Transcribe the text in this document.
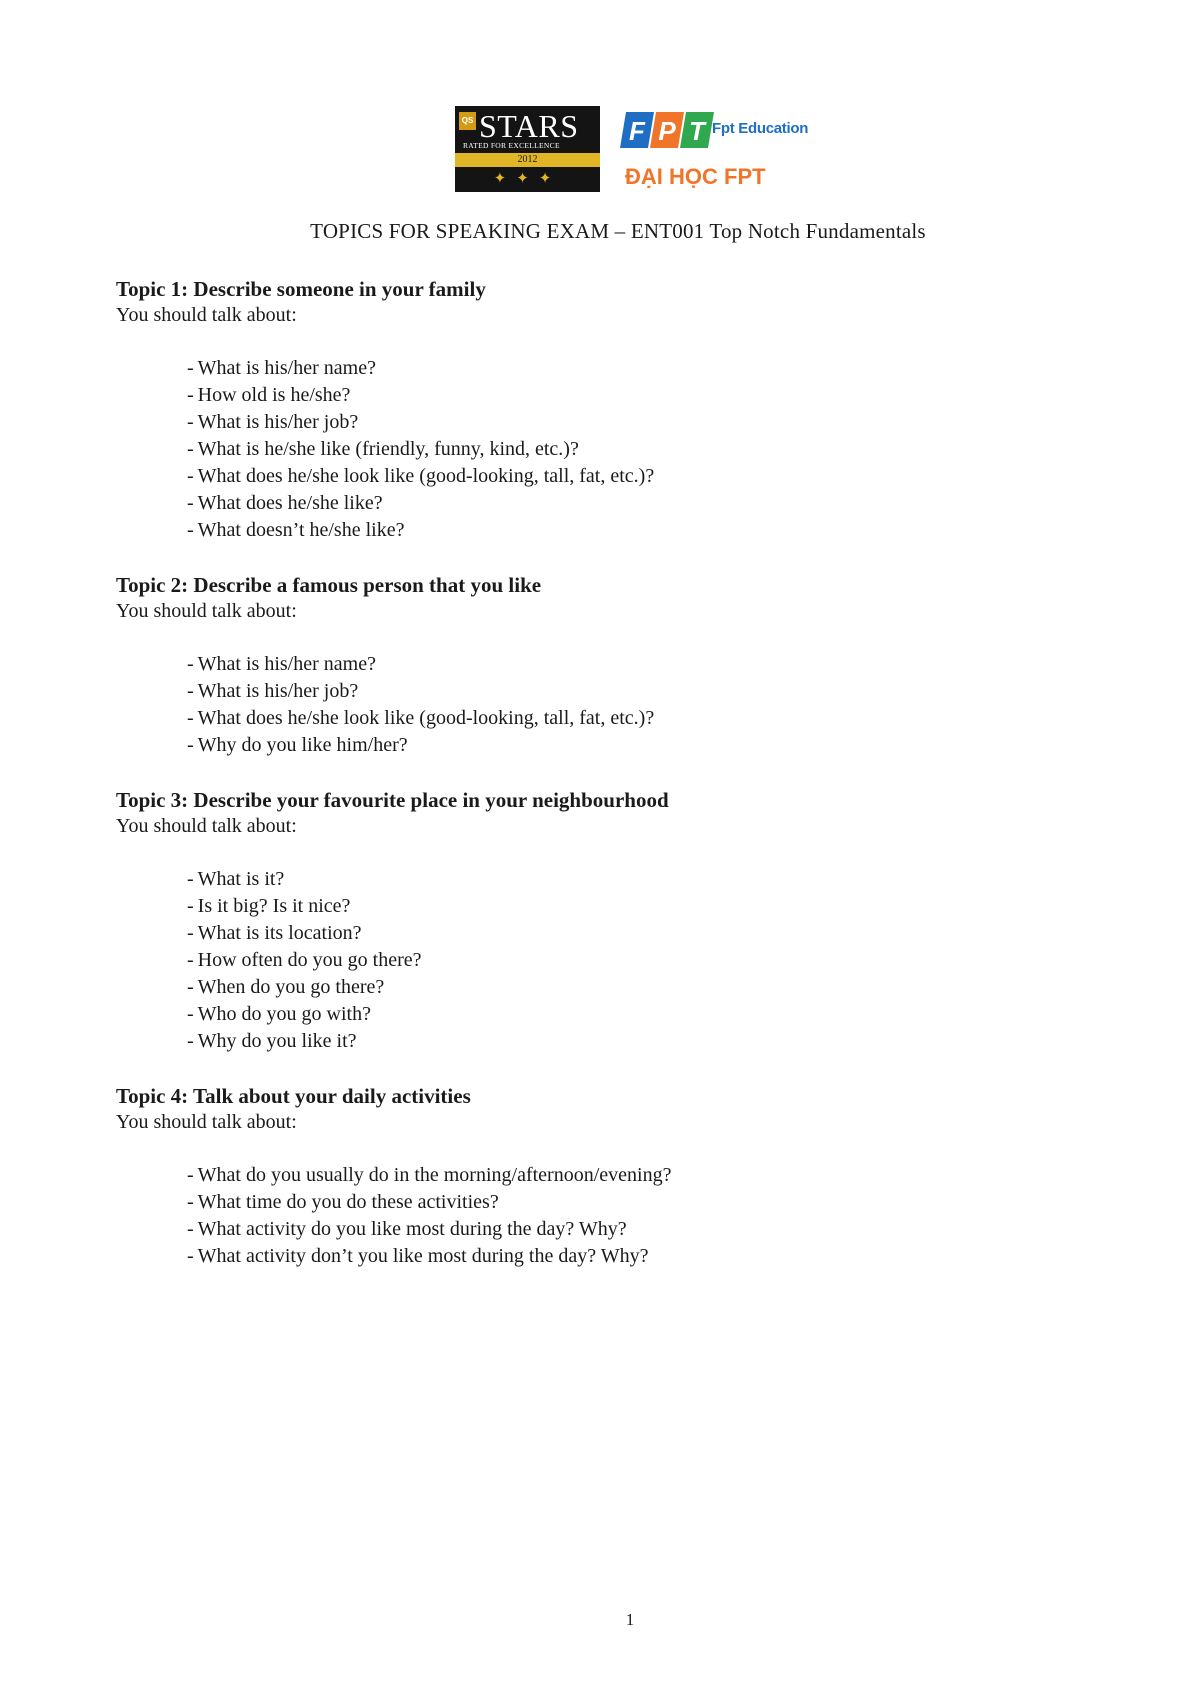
QS STARS
RATED FOR EXCELLENCE
2012
✦✦✦
F P T Fpt Education
ĐẠI HỌC FPT
TOPICS FOR SPEAKING EXAM – ENT001 Top Notch Fundamentals

Topic 1: Describe someone in your family

You should talk about:

- What is his/her name?
- How old is he/she?
- What is his/her job?
- What is he/she like (friendly, funny, kind, etc.)?
- What does he/she look like (good-looking, tall, fat, etc.)?
- What does he/she like?
- What doesn’t he/she like?

Topic 2: Describe a famous person that you like

You should talk about:

- What is his/her name?
- What is his/her job?
- What does he/she look like (good-looking, tall, fat, etc.)?
- Why do you like him/her?

Topic 3: Describe your favourite place in your neighbourhood

You should talk about:

- What is it?
- Is it big? Is it nice?
- What is its location?
- How often do you go there?
- When do you go there?
- Who do you go with?
- Why do you like it?

Topic 4: Talk about your daily activities

You should talk about:

- What do you usually do in the morning/afternoon/evening?
- What time do you do these activities?
- What activity do you like most during the day? Why?
- What activity don’t you like most during the day? Why?
1
